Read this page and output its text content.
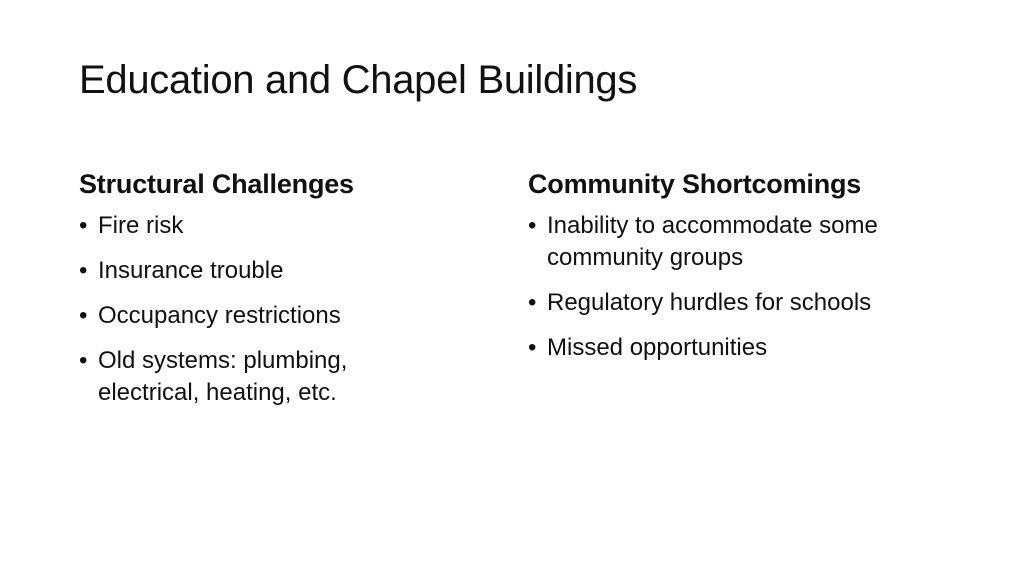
Education and Chapel Buildings
Structural Challenges
• Fire risk
• Insurance trouble
• Occupancy restrictions
• Old systems: plumbing, electrical, heating, etc.
Community Shortcomings
• Inability to accommodate some community groups
• Regulatory hurdles for schools
• Missed opportunities
